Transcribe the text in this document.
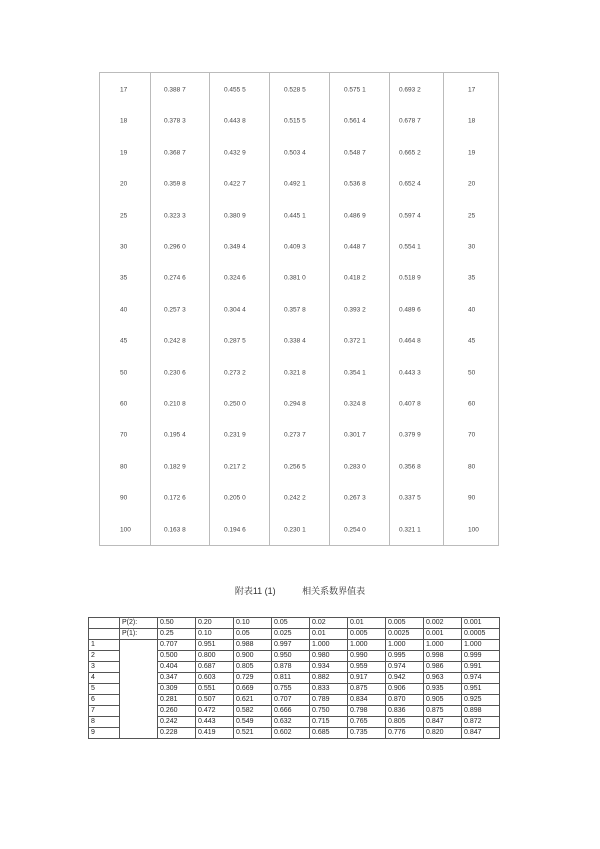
17	0.388 7	0.455 5	0.528 5	0.575 1	0.693 2	17
18	0.378 3	0.443 8	0.515 5	0.561 4	0.678 7	18
19	0.368 7	0.432 9	0.503 4	0.548 7	0.665 2	19
20	0.359 8	0.422 7	0.492 1	0.536 8	0.652 4	20
25	0.323 3	0.380 9	0.445 1	0.486 9	0.597 4	25
30	0.296 0	0.349 4	0.409 3	0.448 7	0.554 1	30
35	0.274 6	0.324 6	0.381 0	0.418 2	0.518 9	35
40	0.257 3	0.304 4	0.357 8	0.393 2	0.489 6	40
45	0.242 8	0.287 5	0.338 4	0.372 1	0.464 8	45
50	0.230 6	0.273 2	0.321 8	0.354 1	0.443 3	50
60	0.210 8	0.250 0	0.294 8	0.324 8	0.407 8	60
70	0.195 4	0.231 9	0.273 7	0.301 7	0.379 9	70
80	0.182 9	0.217 2	0.256 5	0.283 0	0.356 8	80
90	0.172 6	0.205 0	0.242 2	0.267 3	0.337 5	90
100	0.163 8	0.194 6	0.230 1	0.254 0	0.321 1	100
附表11 (1)	相关系数界值表
	P(2):	0.50	0.20	0.10	0.05	0.02	0.01	0.005	0.002	0.001
	P(1):	0.25	0.10	0.05	0.025	0.01	0.005	0.0025	0.001	0.0005
1		0.707	0.951	0.988	0.997	1.000	1.000	1.000	1.000	1.000
2		0.500	0.800	0.900	0.950	0.980	0.990	0.995	0.998	0.999
3		0.404	0.687	0.805	0.878	0.934	0.959	0.974	0.986	0.991
4		0.347	0.603	0.729	0.811	0.882	0.917	0.942	0.963	0.974
5		0.309	0.551	0.669	0.755	0.833	0.875	0.906	0.935	0.951
6		0.281	0.507	0.621	0.707	0.789	0.834	0.870	0.905	0.925
7		0.260	0.472	0.582	0.666	0.750	0.798	0.836	0.875	0.898
8		0.242	0.443	0.549	0.632	0.715	0.765	0.805	0.847	0.872
9		0.228	0.419	0.521	0.602	0.685	0.735	0.776	0.820	0.847
